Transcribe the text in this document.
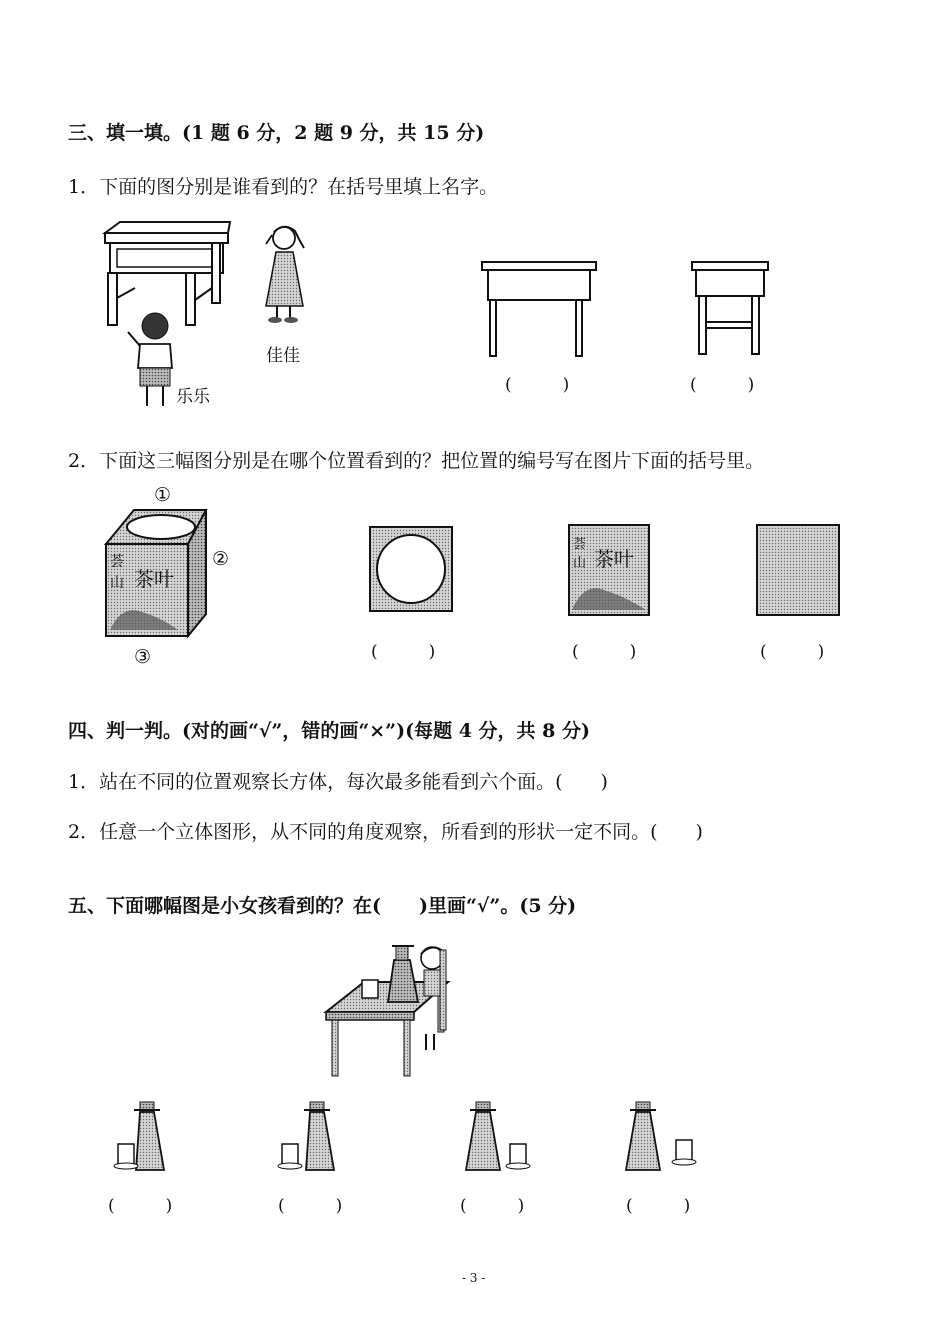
三、填一填。(1 题 6 分，2 题 9 分，共 15 分)
1．下面的图分别是谁看到的？在括号里填上名字。
佳佳
乐乐
(　　　)	(　　　)
2．下面这三幅图分别是在哪个位置看到的？把位置的编号写在图片下面的括号里。
荟
山 茶叶
①
②
③
荟
山 茶叶
(　　　)	(　　　)	(　　　)
四、判一判。(对的画“√”，错的画“×”)(每题 4 分，共 8 分)
1．站在不同的位置观察长方体，每次最多能看到六个面。(　　)
2．任意一个立体图形，从不同的角度观察，所看到的形状一定不同。(　　)
五、下面哪幅图是小女孩看到的？在(　　)里画“√”。(5 分)
(　　　)	(　　　)	(　　　)	(　　　)
- 3 -
